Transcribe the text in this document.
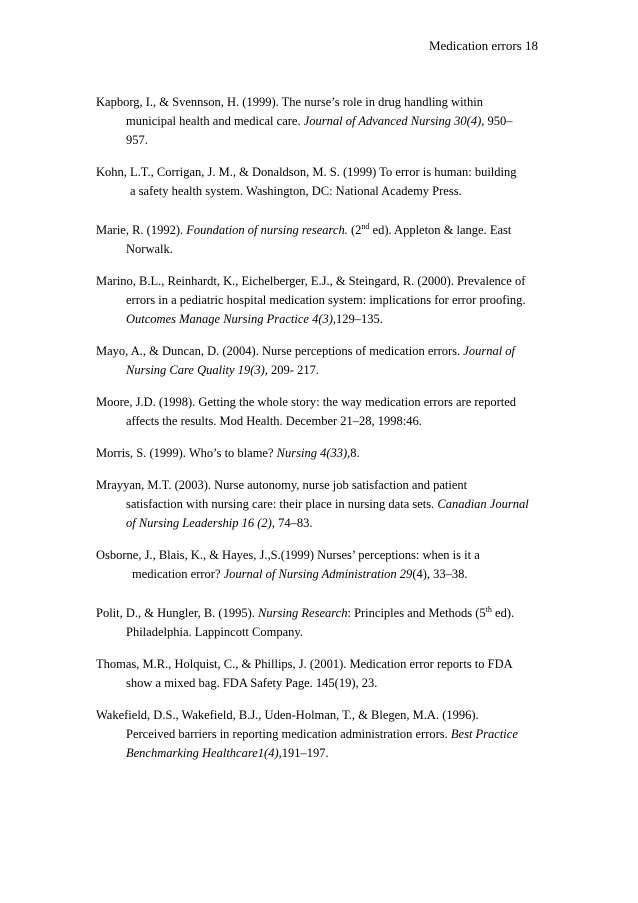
Medication errors 18
Kapborg, I., & Svennson, H. (1999). The nurse’s role in drug handling within
municipal health and medical care. Journal of Advanced Nursing 30(4), 950–
957.
Kohn, L.T., Corrigan, J. M., & Donaldson, M. S. (1999) To error is human: building
a safety health system. Washington, DC: National Academy Press.
Marie, R. (1992). Foundation of nursing research. (2nd ed). Appleton & lange. East
Norwalk.
Marino, B.L., Reinhardt, K., Eichelberger, E.J., & Steingard, R. (2000). Prevalence of
errors in a pediatric hospital medication system: implications for error proofing.
Outcomes Manage Nursing Practice 4(3),129–135.
Mayo, A., & Duncan, D. (2004). Nurse perceptions of medication errors. Journal of
Nursing Care Quality 19(3), 209- 217.
Moore, J.D. (1998). Getting the whole story: the way medication errors are reported
affects the results. Mod Health. December 21–28, 1998:46.
Morris, S. (1999). Who’s to blame? Nursing 4(33),8.
Mrayyan, M.T. (2003). Nurse autonomy, nurse job satisfaction and patient
satisfaction with nursing care: their place in nursing data sets. Canadian Journal
of Nursing Leadership 16 (2), 74–83.
Osborne, J., Blais, K., & Hayes, J.,S.(1999) Nurses’ perceptions: when is it a
medication error? Journal of Nursing Administration 29(4), 33–38.
Polit, D., & Hungler, B. (1995). Nursing Research: Principles and Methods (5th ed).
Philadelphia. Lappincott Company.
Thomas, M.R., Holquist, C., & Phillips, J. (2001). Medication error reports to FDA
show a mixed bag. FDA Safety Page. 145(19), 23.
Wakefield, D.S., Wakefield, B.J., Uden-Holman, T., & Blegen, M.A. (1996).
Perceived barriers in reporting medication administration errors. Best Practice
Benchmarking Healthcare1(4),191–197.
